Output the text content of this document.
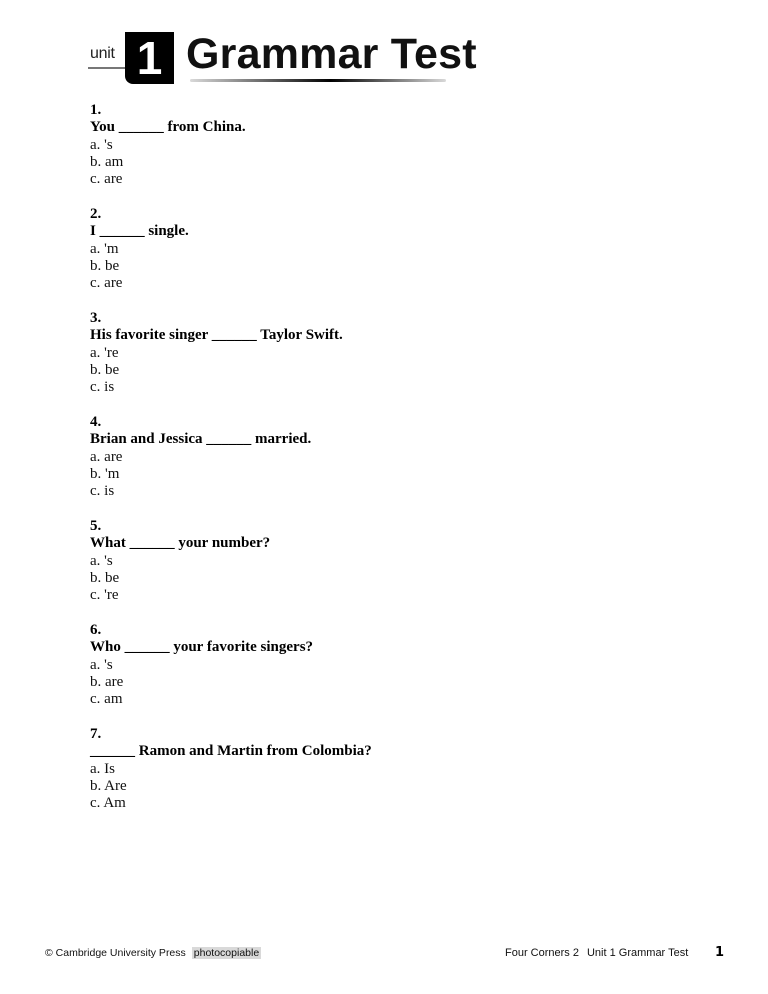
unit 1 Grammar Test
1.
You ______ from China.
a. 's
b. am
c. are
2.
I ______ single.
a. 'm
b. be
c. are
3.
His favorite singer ______ Taylor Swift.
a. 're
b. be
c. is
4.
Brian and Jessica ______ married.
a. are
b. 'm
c. is
5.
What ______ your number?
a. 's
b. be
c. 're
6.
Who ______ your favorite singers?
a. 's
b. are
c. am
7.
______ Ramon and Martin from Colombia?
a. Is
b. Are
c. Am
© Cambridge University Press photocopiable	Four Corners 2 Unit 1 Grammar Test 1
